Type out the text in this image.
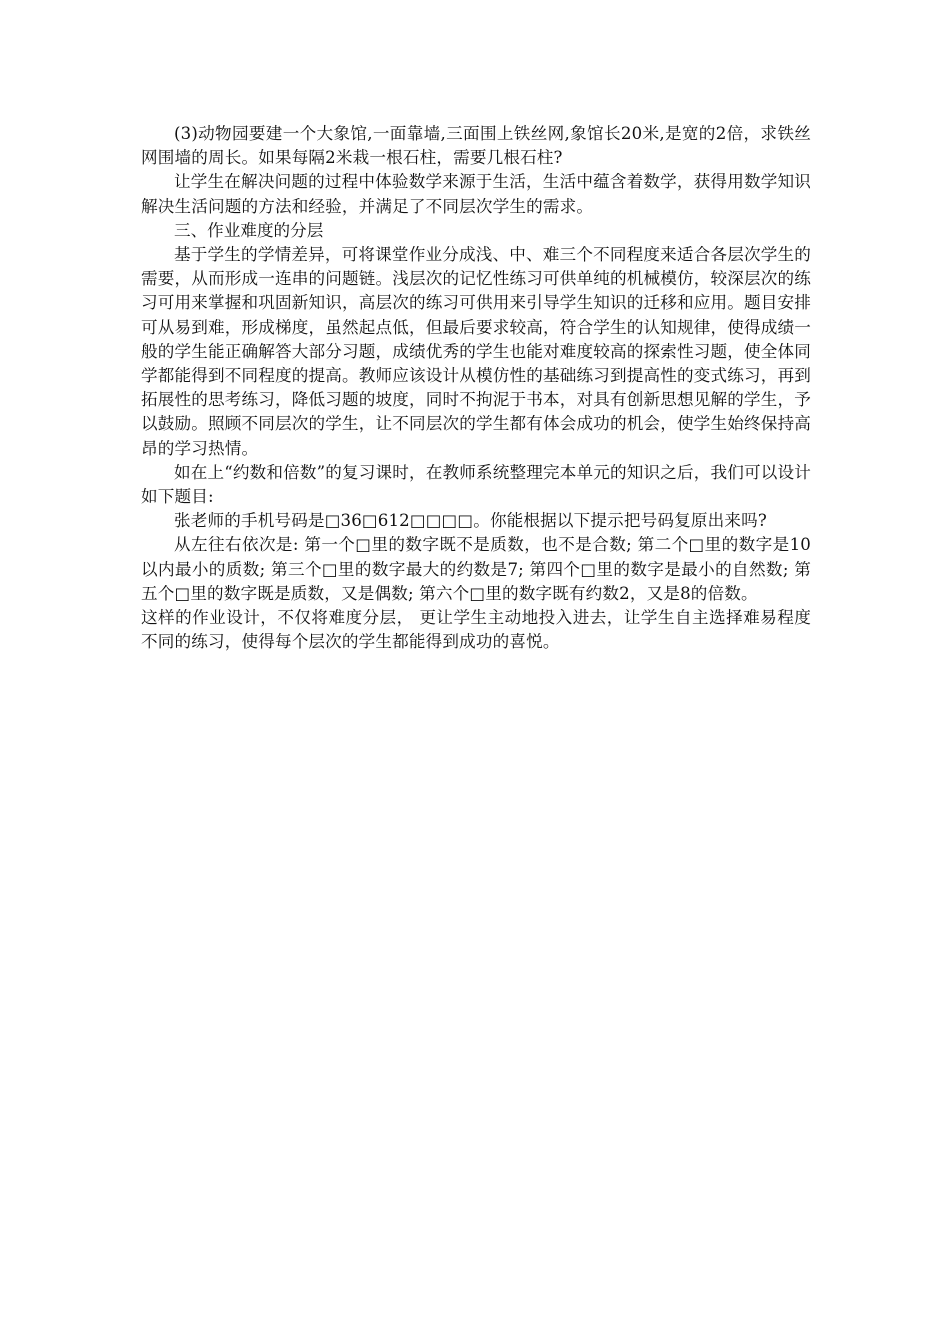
(3)动物园要建一个大象馆,一面靠墙,三面围上铁丝网,象馆长20米,是宽的2倍，求铁丝网围墙的周长。如果每隔2米栽一根石柱，需要几根石柱?

让学生在解决问题的过程中体验数学来源于生活，生活中蕴含着数学，获得用数学知识解决生活问题的方法和经验，并满足了不同层次学生的需求。

三、作业难度的分层

基于学生的学情差异，可将课堂作业分成浅、中、难三个不同程度来适合各层次学生的需要，从而形成一连串的问题链。浅层次的记忆性练习可供单纯的机械模仿，较深层次的练习可用来掌握和巩固新知识，高层次的练习可供用来引导学生知识的迁移和应用。题目安排可从易到难，形成梯度，虽然起点低，但最后要求较高，符合学生的认知规律，使得成绩一般的学生能正确解答大部分习题，成绩优秀的学生也能对难度较高的探索性习题，使全体同学都能得到不同程度的提高。教师应该设计从模仿性的基础练习到提高性的变式练习，再到拓展性的思考练习，降低习题的坡度，同时不拘泥于书本，对具有创新思想见解的学生，予以鼓励。照顾不同层次的学生，让不同层次的学生都有体会成功的机会，使学生始终保持高昂的学习热情。

如在上“约数和倍数”的复习课时，在教师系统整理完本单元的知识之后，我们可以设计如下题目:

张老师的手机号码是□36□612□□□□。你能根据以下提示把号码复原出来吗?

从左往右依次是: 第一个□里的数字既不是质数，也不是合数; 第二个□里的数字是10以内最小的质数; 第三个□里的数字最大的约数是7; 第四个□里的数字是最小的自然数; 第五个□里的数字既是质数，又是偶数; 第六个□里的数字既有约数2，又是8的倍数。

这样的作业设计，不仅将难度分层， 更让学生主动地投入进去，让学生自主选择难易程度不同的练习，使得每个层次的学生都能得到成功的喜悦。
